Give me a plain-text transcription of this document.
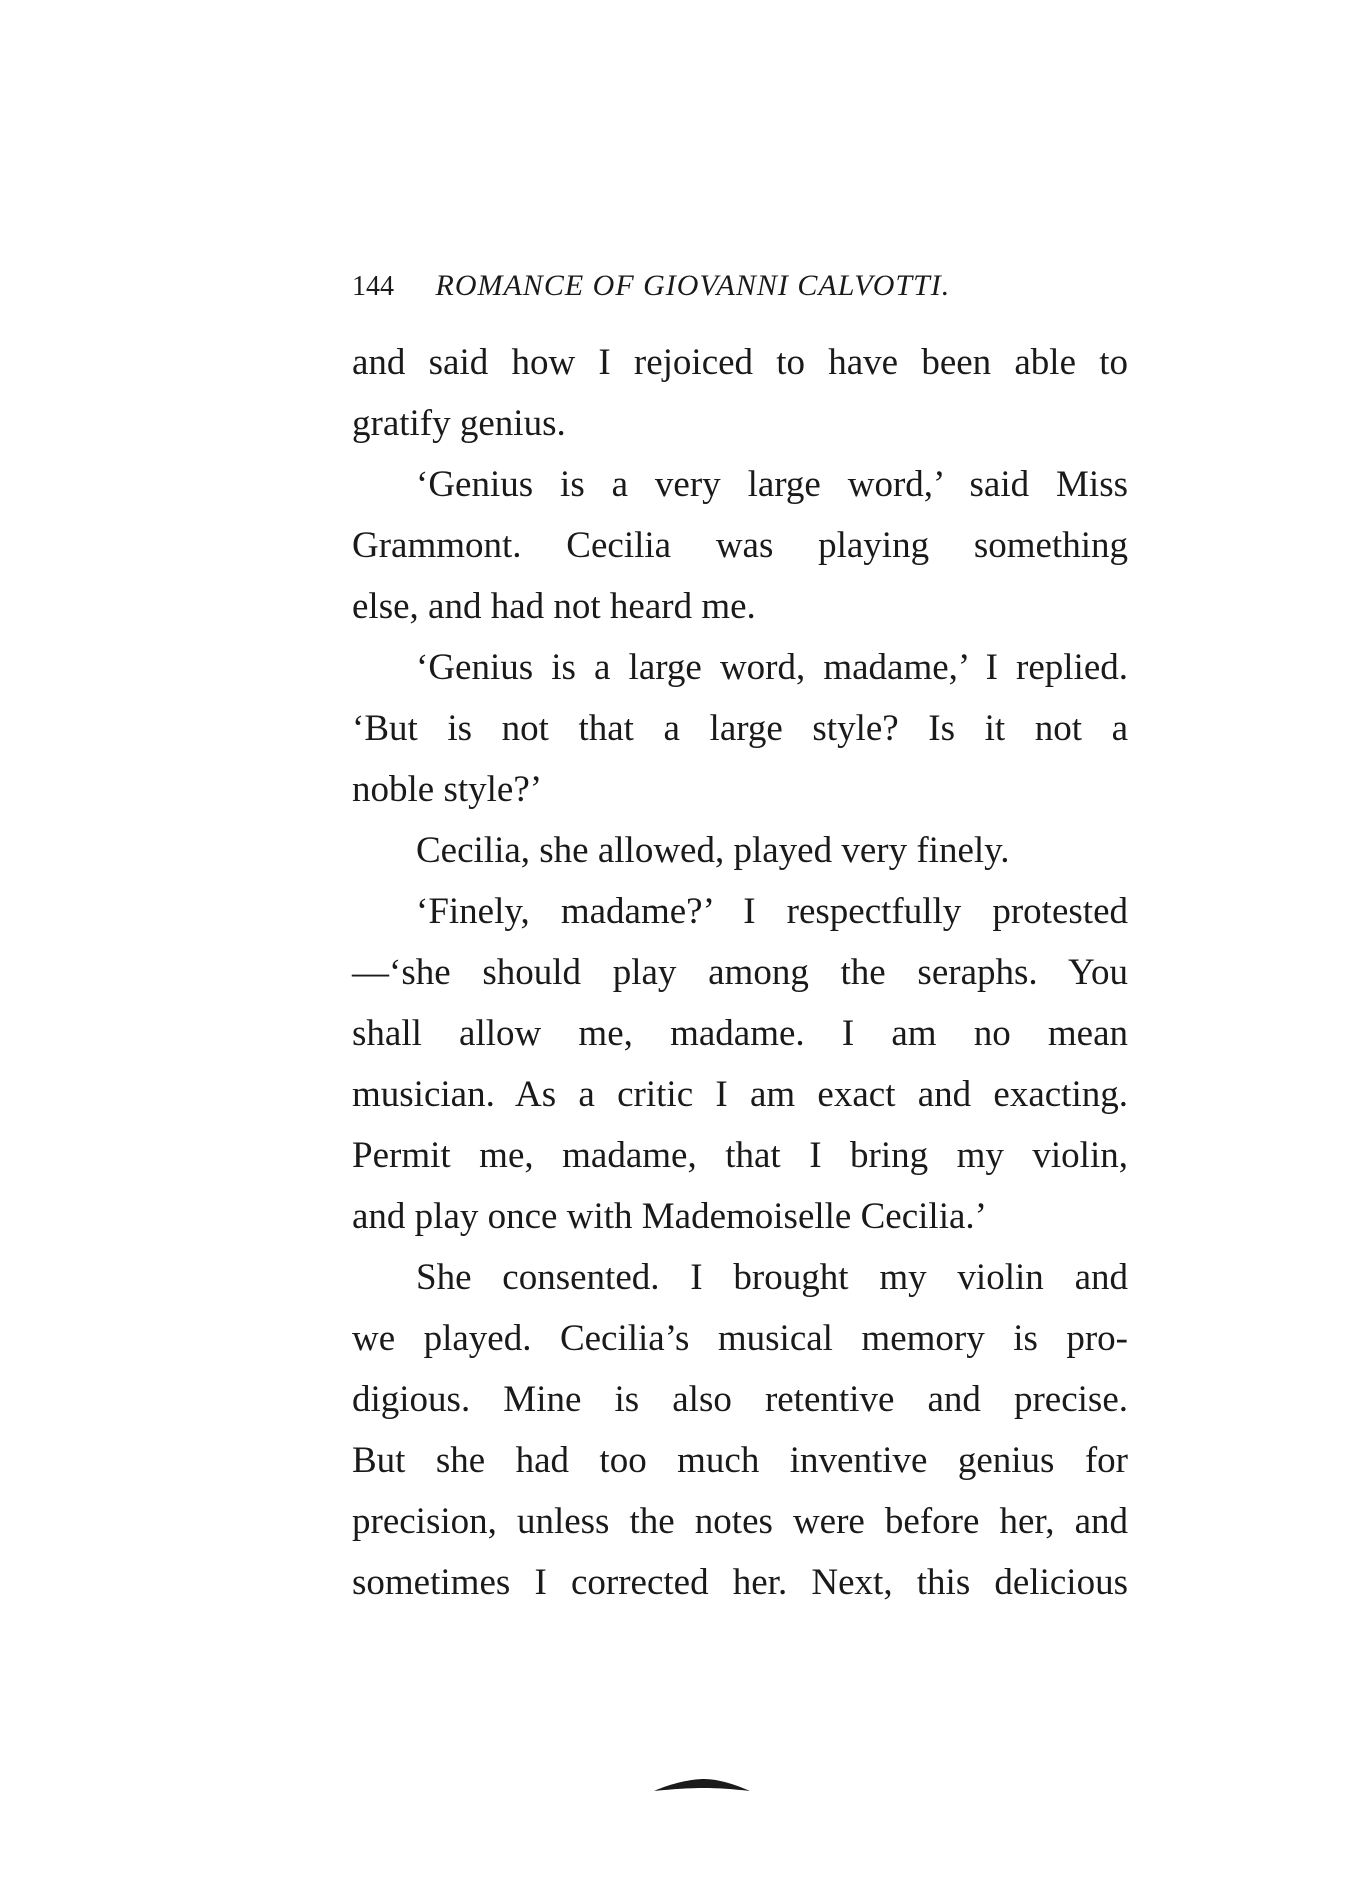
144 ROMANCE OF GIOVANNI CALVOTTI.
and said how I rejoiced to have been able to
gratify genius.
‘Genius is a very large word,’ said Miss
Grammont. Cecilia was playing something
else, and had not heard me.
‘Genius is a large word, madame,’ I replied.
‘But is not that a large style? Is it not a
noble style?’
Cecilia, she allowed, played very finely.
‘Finely, madame?’ I respectfully protested
—‘she should play among the seraphs. You
shall allow me, madame. I am no mean
musician. As a critic I am exact and exacting.
Permit me, madame, that I bring my violin,
and play once with Mademoiselle Cecilia.’
She consented. I brought my violin and
we played. Cecilia’s musical memory is pro-
digious. Mine is also retentive and precise.
But she had too much inventive genius for
precision, unless the notes were before her, and
sometimes I corrected her. Next, this delicious
